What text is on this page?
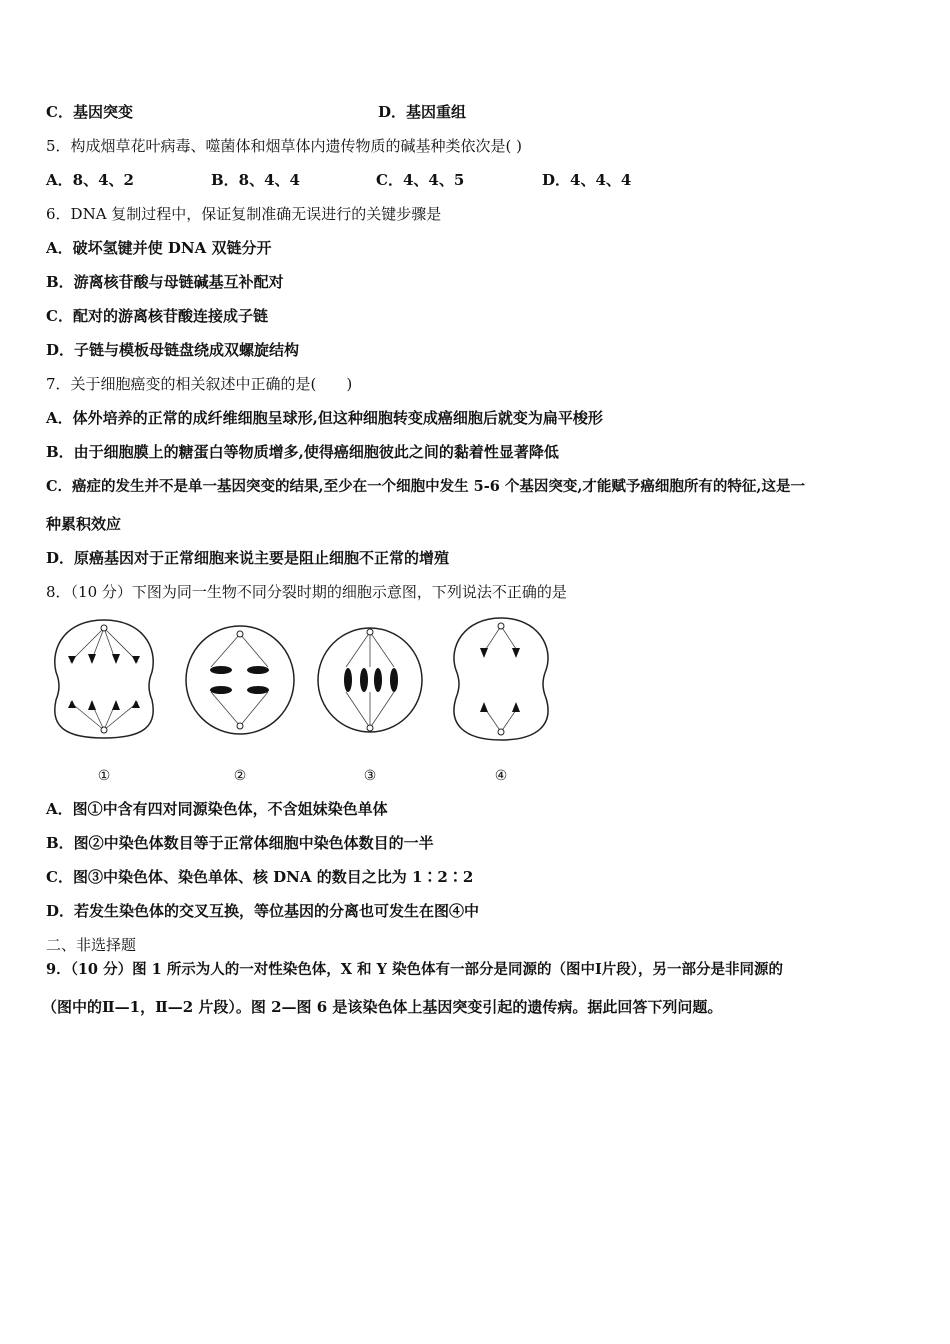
C．基因突变	D．基因重组
5．构成烟草花叶病毒、噬菌体和烟草体内遗传物质的碱基种类依次是( )
A．8、4、2	B．8、4、4	C．4、4、5	D．4、4、4
6．DNA 复制过程中，保证复制准确无误进行的关键步骤是
A．破坏氢键并使 DNA 双链分开
B．游离核苷酸与母链碱基互补配对
C．配对的游离核苷酸连接成子链
D．子链与模板母链盘绕成双螺旋结构
7．关于细胞癌变的相关叙述中正确的是(　　)
A．体外培养的正常的成纤维细胞呈球形,但这种细胞转变成癌细胞后就变为扁平梭形
B．由于细胞膜上的糖蛋白等物质增多,使得癌细胞彼此之间的黏着性显著降低
C．癌症的发生并不是单一基因突变的结果,至少在一个细胞中发生 5-6 个基因突变,才能赋予癌细胞所有的特征,这是一
种累积效应
D．原癌基因对于正常细胞来说主要是阻止细胞不正常的增殖
8．（10 分）下图为同一生物不同分裂时期的细胞示意图，下列说法不正确的是
①	②	③	④
A．图①中含有四对同源染色体，不含姐妹染色单体
B．图②中染色体数目等于正常体细胞中染色体数目的一半
C．图③中染色体、染色单体、核 DNA 的数目之比为 1∶2∶2
D．若发生染色体的交叉互换，等位基因的分离也可发生在图④中
二、非选择题
9．（10 分）图 1 所示为人的一对性染色体，X 和 Y 染色体有一部分是同源的（图中Ⅰ片段），另一部分是非同源的
（图中的Ⅱ—1，Ⅱ—2 片段）。图 2—图 6 是该染色体上基因突变引起的遗传病。据此回答下列问题。
